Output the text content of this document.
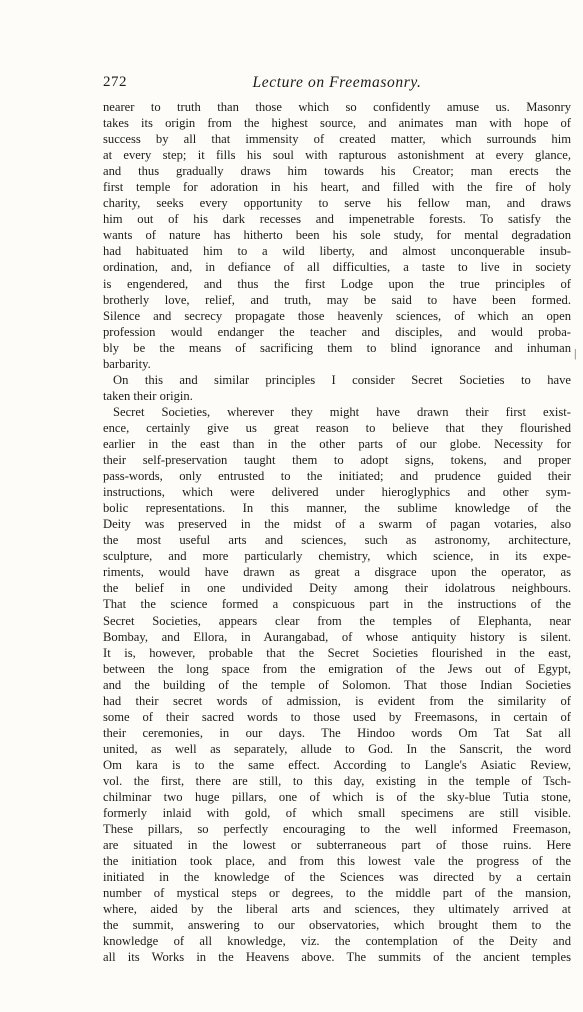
272	Lecture on Freemasonry.
nearer to truth than those which so confidently amuse us. Masonry
takes its origin from the highest source, and animates man with hope of
success by all that immensity of created matter, which surrounds him
at every step; it fills his soul with rapturous astonishment at every glance,
and thus gradually draws him towards his Creator; man erects the
first temple for adoration in his heart, and filled with the fire of holy
charity, seeks every opportunity to serve his fellow man, and draws
him out of his dark recesses and impenetrable forests. To satisfy the
wants of nature has hitherto been his sole study, for mental degradation
had habituated him to a wild liberty, and almost unconquerable insub-
ordination, and, in defiance of all difficulties, a taste to live in society
is engendered, and thus the first Lodge upon the true principles of
brotherly love, relief, and truth, may be said to have been formed.
Silence and secrecy propagate those heavenly sciences, of which an open
profession would endanger the teacher and disciples, and would proba-
bly be the means of sacrificing them to blind ignorance and inhuman
barbarity.
On this and similar principles I consider Secret Societies to have
taken their origin.
Secret Societies, wherever they might have drawn their first exist-
ence, certainly give us great reason to believe that they flourished
earlier in the east than in the other parts of our globe. Necessity for
their self-preservation taught them to adopt signs, tokens, and proper
pass-words, only entrusted to the initiated; and prudence guided their
instructions, which were delivered under hieroglyphics and other sym-
bolic representations. In this manner, the sublime knowledge of the
Deity was preserved in the midst of a swarm of pagan votaries, also
the most useful arts and sciences, such as astronomy, architecture,
sculpture, and more particularly chemistry, which science, in its expe-
riments, would have drawn as great a disgrace upon the operator, as
the belief in one undivided Deity among their idolatrous neighbours.
That the science formed a conspicuous part in the instructions of the
Secret Societies, appears clear from the temples of Elephanta, near
Bombay, and Ellora, in Aurangabad, of whose antiquity history is silent.
It is, however, probable that the Secret Societies flourished in the east,
between the long space from the emigration of the Jews out of Egypt,
and the building of the temple of Solomon. That those Indian Societies
had their secret words of admission, is evident from the similarity of
some of their sacred words to those used by Freemasons, in certain of
their ceremonies, in our days. The Hindoo words Om Tat Sat all
united, as well as separately, allude to God. In the Sanscrit, the word
Om kara is to the same effect. According to Langle's Asiatic Review,
vol. the first, there are still, to this day, existing in the temple of Tsch-
chilminar two huge pillars, one of which is of the sky-blue Tutia stone,
formerly inlaid with gold, of which small specimens are still visible.
These pillars, so perfectly encouraging to the well informed Freemason,
are situated in the lowest or subterraneous part of those ruins. Here
the initiation took place, and from this lowest vale the progress of the
initiated in the knowledge of the Sciences was directed by a certain
number of mystical steps or degrees, to the middle part of the mansion,
where, aided by the liberal arts and sciences, they ultimately arrived at
the summit, answering to our observatories, which brought them to the
knowledge of all knowledge, viz. the contemplation of the Deity and
all its Works in the Heavens above. The summits of the ancient temples
|
